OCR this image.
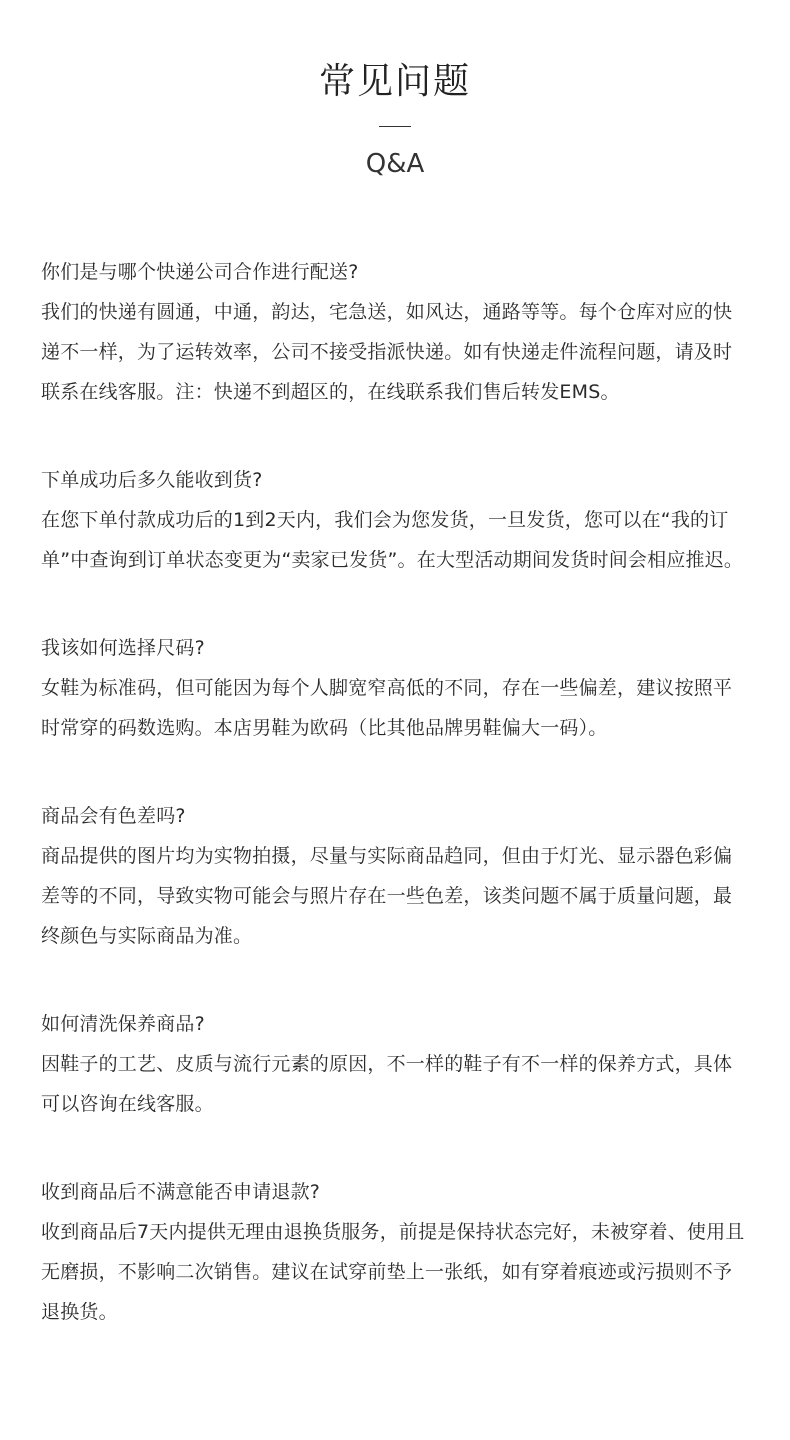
常见问题
Q&A

你们是与哪个快递公司合作进行配送?

我们的快递有圆通，中通，韵达，宅急送，如风达，通路等等。每个仓库对应的快递不一样，为了运转效率，公司不接受指派快递。如有快递走件流程问题，请及时联系在线客服。注：快递不到超区的，在线联系我们售后转发EMS。

下单成功后多久能收到货?

在您下单付款成功后的1到2天内，我们会为您发货，一旦发货，您可以在“我的订单”中查询到订单状态变更为“卖家已发货”。在大型活动期间发货时间会相应推迟。

我该如何选择尺码?

女鞋为标准码，但可能因为每个人脚宽窄高低的不同，存在一些偏差，建议按照平时常穿的码数选购。本店男鞋为欧码（比其他品牌男鞋偏大一码）。

商品会有色差吗?

商品提供的图片均为实物拍摄，尽量与实际商品趋同，但由于灯光、显示器色彩偏差等的不同，导致实物可能会与照片存在一些色差，该类问题不属于质量问题，最终颜色与实际商品为准。

如何清洗保养商品?

因鞋子的工艺、皮质与流行元素的原因，不一样的鞋子有不一样的保养方式，具体可以咨询在线客服。

收到商品后不满意能否申请退款?

收到商品后7天内提供无理由退换货服务，前提是保持状态完好，未被穿着、使用且无磨损，不影响二次销售。建议在试穿前垫上一张纸，如有穿着痕迹或污损则不予退换货。
